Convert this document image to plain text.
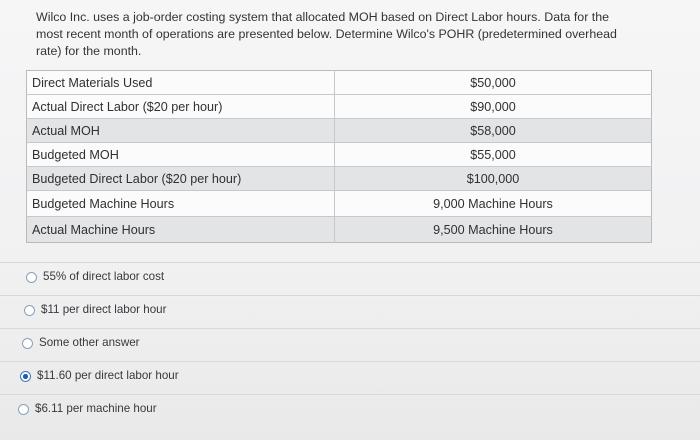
Wilco Inc. uses a job-order costing system that allocated MOH based on Direct Labor hours. Data for the most recent month of operations are presented below. Determine Wilco's POHR (predetermined overhead rate) for the month.
Direct Materials Used	$50,000
Actual Direct Labor ($20 per hour)	$90,000
Actual MOH	$58,000
Budgeted MOH	$55,000
Budgeted Direct Labor ($20 per hour)	$100,000
Budgeted Machine Hours	9,000 Machine Hours
Actual Machine Hours	9,500 Machine Hours
55% of direct labor cost
$11 per direct labor hour
Some other answer
$11.60 per direct labor hour
$6.11 per machine hour
